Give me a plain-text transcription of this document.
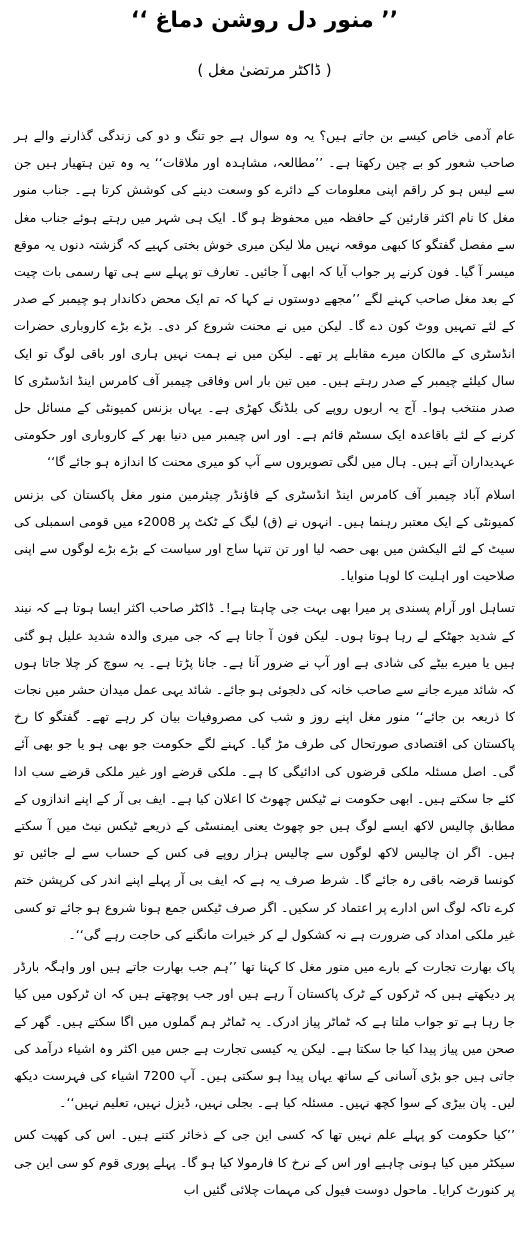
’’ منور دل روشن دماغ ‘‘
( ڈاکٹر مرتضیٰ مغل )

عام آدمی خاص کیسے بن جاتے ہیں؟ یہ وہ سوال ہے جو تنگ و دو کی زندگی گذارنے والے ہر صاحب شعور کو بے چین رکھتا ہے۔ ’’مطالعہ، مشاہدہ اور ملاقات‘‘ یہ وہ تین ہتھیار ہیں جن سے لیس ہو کر راقم اپنی معلومات کے دائرے کو وسعت دینے کی کوشش کرتا ہے۔ جناب منور مغل کا نام اکثر قارئین کے حافظہ میں محفوظ ہو گا۔ ایک ہی شہر میں رہتے ہوئے جناب مغل سے مفصل گفتگو کا کبھی موقعہ نہیں ملا لیکن میری خوش بختی کہیے کہ گزشتہ دنوں یہ موقع میسر آ گیا۔ فون کرنے پر جواب آیا کہ ابھی آ جائیں۔ تعارف تو پہلے سے ہی تھا رسمی بات چیت کے بعد مغل صاحب کہنے لگے ’’مجھے دوستوں نے کہا کہ تم ایک محض دکاندار ہو چیمبر کے صدر کے لئے تمہیں ووٹ کون دے گا۔ لیکن میں نے محنت شروع کر دی۔ بڑے بڑے کاروباری حضرات انڈسٹری کے مالکان میرے مقابلے پر تھے۔ لیکن میں نے ہمت نہیں ہاری اور باقی لوگ تو ایک سال کیلئے چیمبر کے صدر رہتے ہیں۔ میں تین بار اس وفاقی چیمبر آف کامرس اینڈ انڈسٹری کا صدر منتخب ہوا۔ آج یہ اربوں روپے کی بلڈنگ کھڑی ہے۔ یہاں بزنس کمیونٹی کے مسائل حل کرنے کے لئے باقاعدہ ایک سسٹم قائم ہے۔ اور اس چیمبر میں دنیا بھر کے کاروباری اور حکومتی عہدیداران آتے ہیں۔ ہال میں لگی تصویروں سے آپ کو میری محنت کا اندازہ ہو جائے گا‘‘

اسلام آباد چیمبر آف کامرس اینڈ انڈسٹری کے فاؤنڈر چیئرمین منور مغل پاکستان کی بزنس کمیونٹی کے ایک معتبر رہنما ہیں۔ انہوں نے (ق) لیگ کے ٹکٹ پر 2008ء میں قومی اسمبلی کی سیٹ کے لئے الیکشن میں بھی حصہ لیا اور تن تنہا ساج اور سیاست کے بڑے بڑے لوگوں سے اپنی صلاحیت اور اہلیت کا لوہا منوایا۔

تساہل اور آرام پسندی پر میرا بھی بہت جی چاہتا ہے!۔ ڈاکٹر صاحب اکثر ایسا ہوتا ہے کہ نیند کے شدید جھٹکے لے رہا ہوتا ہوں۔ لیکن فون آ جاتا ہے کہ جی میری والدہ شدید علیل ہو گئی ہیں یا میرے بیٹے کی شادی ہے اور آپ نے ضرور آنا ہے۔ جانا پڑتا ہے۔ یہ سوچ کر چلا جاتا ہوں کہ شائد میرے جانے سے صاحب خانہ کی دلجوئی ہو جائے۔ شائد یہی عمل میدان حشر میں نجات کا ذریعہ بن جائے‘‘ منور مغل اپنے روز و شب کی مصروفیات بیان کر رہے تھے۔ گفتگو کا رخ پاکستان کی اقتصادی صورتحال کی طرف مڑ گیا۔ کہنے لگے حکومت جو بھی ہو یا جو بھی آئے گی۔ اصل مسئلہ ملکی قرضوں کی ادائیگی کا ہے۔ ملکی قرضے اور غیر ملکی قرضے سب ادا کئے جا سکتے ہیں۔ ابھی حکومت نے ٹیکس چھوٹ کا اعلان کیا ہے۔ ایف بی آر کے اپنے اندازوں کے مطابق چالیس لاکھ ایسے لوگ ہیں جو چھوٹ یعنی ایمنسٹی کے ذریعے ٹیکس نیٹ میں آ سکتے ہیں۔ اگر ان چالیس لاکھ لوگوں سے چالیس ہزار روپے فی کس کے حساب سے لے جائیں تو کونسا قرضہ باقی رہ جائے گا۔ شرط صرف یہ ہے کہ ایف بی آر پہلے اپنے اندر کی کرپشن ختم کرے تاکہ لوگ اس ادارے پر اعتماد کر سکیں۔ اگر صرف ٹیکس جمع ہونا شروع ہو جائے تو کسی غیر ملکی امداد کی ضرورت ہے نہ کشکول لے کر خیرات مانگنے کی حاجت رہے گی‘‘۔

پاک بھارت تجارت کے بارے میں منور مغل کا کہنا تھا ’’ہم جب بھارت جاتے ہیں اور واہگہ بارڈر پر دیکھتے ہیں کہ ٹرکوں کے ٹرک پاکستان آ رہے ہیں اور جب پوچھتے ہیں کہ ان ٹرکوں میں کیا جا رہا ہے تو جواب ملتا ہے کہ ٹماٹر پیاز ادرک۔ یہ ٹماٹر ہم گملوں میں اگا سکتے ہیں۔ گھر کے صحن میں پیاز پیدا کیا جا سکتا ہے۔ لیکن یہ کیسی تجارت ہے جس میں اکثر وہ اشیاء درآمد کی جاتی ہیں جو بڑی آسانی کے ساتھ یہاں پیدا ہو سکتی ہیں۔ آپ 7200 اشیاء کی فہرست دیکھ لیں۔ پان بیڑی کے سوا کچھ نہیں۔ مسئلہ کیا ہے۔ بجلی نہیں، ڈیزل نہیں، تعلیم نہیں‘‘۔

’’کیا حکومت کو پہلے علم نہیں تھا کہ کسی این جی کے ذخائر کتنے ہیں۔ اس کی کھپت کس سیکٹر میں کیا ہونی چاہیے اور اس کے نرخ کا فارمولا کیا ہو گا۔ پہلے پوری قوم کو سی این جی پر کنورٹ کرایا۔ ماحول دوست فیول کی مہمات چلائی گئیں اب
